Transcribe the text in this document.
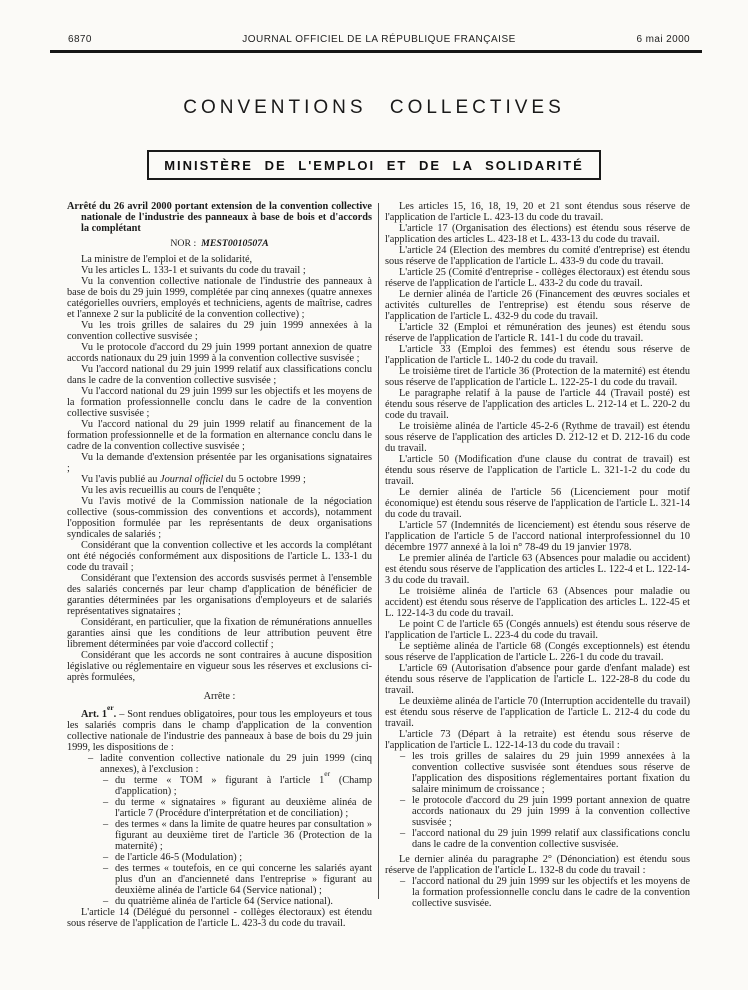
6870	JOURNAL OFFICIEL DE LA RÉPUBLIQUE FRANÇAISE	6 mai 2000
CONVENTIONS COLLECTIVES
MINISTÈRE DE L'EMPLOI ET DE LA SOLIDARITÉ

Arrêté du 26 avril 2000 portant extension de la convention collective nationale de l'industrie des panneaux à base de bois et d'accords la complétant

NOR : MEST0010507A

La ministre de l'emploi et de la solidarité,

Vu les articles L. 133-1 et suivants du code du travail ;

Vu la convention collective nationale de l'industrie des panneaux à base de bois du 29 juin 1999, complétée par cinq annexes (quatre annexes catégorielles ouvriers, employés et techniciens, agents de maîtrise, cadres et l'annexe 2 sur la publicité de la convention collective) ;

Vu les trois grilles de salaires du 29 juin 1999 annexées à la convention collective susvisée ;

Vu le protocole d'accord du 29 juin 1999 portant annexion de quatre accords nationaux du 29 juin 1999 à la convention collective susvisée ;

Vu l'accord national du 29 juin 1999 relatif aux classifications conclu dans le cadre de la convention collective susvisée ;

Vu l'accord national du 29 juin 1999 sur les objectifs et les moyens de la formation professionnelle conclu dans le cadre de la convention collective susvisée ;

Vu l'accord national du 29 juin 1999 relatif au financement de la formation professionnelle et de la formation en alternance conclu dans le cadre de la convention collective susvisée ;

Vu la demande d'extension présentée par les organisations signataires ;

Vu l'avis publié au Journal officiel du 5 octobre 1999 ;

Vu les avis recueillis au cours de l'enquête ;

Vu l'avis motivé de la Commission nationale de la négociation collective (sous-commission des conventions et accords), notamment l'opposition formulée par les représentants de deux organisations syndicales de salariés ;

Considérant que la convention collective et les accords la complétant ont été négociés conformément aux dispositions de l'article L. 133-1 du code du travail ;

Considérant que l'extension des accords susvisés permet à l'ensemble des salariés concernés par leur champ d'application de bénéficier de garanties déterminées par les organisations d'employeurs et de salariés représentatives signataires ;

Considérant, en particulier, que la fixation de rémunérations annuelles garanties ainsi que les conditions de leur attribution peuvent être librement déterminées par voie d'accord collectif ;

Considérant que les accords ne sont contraires à aucune disposition législative ou réglementaire en vigueur sous les réserves et exclusions ci-après formulées,

Arrête :

Art. 1er. – Sont rendues obligatoires, pour tous les employeurs et tous les salariés compris dans le champ d'application de la convention collective nationale de l'industrie des panneaux à base de bois du 29 juin 1999, les dispositions de :

– ladite convention collective nationale du 29 juin 1999 (cinq annexes), à l'exclusion :

– du terme « TOM » figurant à l'article 1er (Champ d'application) ;

– du terme « signataires » figurant au deuxième alinéa de l'article 7 (Procédure d'interprétation et de conciliation) ;

– des termes « dans la limite de quatre heures par consultation » figurant au deuxième tiret de l'article 36 (Protection de la maternité) ;

– de l'article 46-5 (Modulation) ;

– des termes « toutefois, en ce qui concerne les salariés ayant plus d'un an d'ancienneté dans l'entreprise » figurant au deuxième alinéa de l'article 64 (Service national) ;

– du quatrième alinéa de l'article 64 (Service national).

L'article 14 (Délégué du personnel - collèges électoraux) est étendu sous réserve de l'application de l'article L. 423-3 du code du travail.

Les articles 15, 16, 18, 19, 20 et 21 sont étendus sous réserve de l'application de l'article L. 423-13 du code du travail.

L'article 17 (Organisation des élections) est étendu sous réserve de l'application des articles L. 423-18 et L. 433-13 du code du travail.

L'article 24 (Election des membres du comité d'entreprise) est étendu sous réserve de l'application de l'article L. 433-9 du code du travail.

L'article 25 (Comité d'entreprise - collèges électoraux) est étendu sous réserve de l'application de l'article L. 433-2 du code du travail.

Le dernier alinéa de l'article 26 (Financement des œuvres sociales et activités culturelles de l'entreprise) est étendu sous réserve de l'application de l'article L. 432-9 du code du travail.

L'article 32 (Emploi et rémunération des jeunes) est étendu sous réserve de l'application de l'article R. 141-1 du code du travail.

L'article 33 (Emploi des femmes) est étendu sous réserve de l'application de l'article L. 140-2 du code du travail.

Le troisième tiret de l'article 36 (Protection de la maternité) est étendu sous réserve de l'application de l'article L. 122-25-1 du code du travail.

Le paragraphe relatif à la pause de l'article 44 (Travail posté) est étendu sous réserve de l'application des articles L. 212-14 et L. 220-2 du code du travail.

Le troisième alinéa de l'article 45-2-6 (Rythme de travail) est étendu sous réserve de l'application des articles D. 212-12 et D. 212-16 du code du travail.

L'article 50 (Modification d'une clause du contrat de travail) est étendu sous réserve de l'application de l'article L. 321-1-2 du code du travail.

Le dernier alinéa de l'article 56 (Licenciement pour motif économique) est étendu sous réserve de l'application de l'article L. 321-14 du code du travail.

L'article 57 (Indemnités de licenciement) est étendu sous réserve de l'application de l'article 5 de l'accord national interprofessionnel du 10 décembre 1977 annexé à la loi n° 78-49 du 19 janvier 1978.

Le premier alinéa de l'article 63 (Absences pour maladie ou accident) est étendu sous réserve de l'application des articles L. 122-4 et L. 122-14-3 du code du travail.

Le troisième alinéa de l'article 63 (Absences pour maladie ou accident) est étendu sous réserve de l'application des articles L. 122-45 et L. 122-14-3 du code du travail.

Le point C de l'article 65 (Congés annuels) est étendu sous réserve de l'application de l'article L. 223-4 du code du travail.

Le septième alinéa de l'article 68 (Congés exceptionnels) est étendu sous réserve de l'application de l'article L. 226-1 du code du travail.

L'article 69 (Autorisation d'absence pour garde d'enfant malade) est étendu sous réserve de l'application de l'article L. 122-28-8 du code du travail.

Le deuxième alinéa de l'article 70 (Interruption accidentelle du travail) est étendu sous réserve de l'application de l'article L. 212-4 du code du travail.

L'article 73 (Départ à la retraite) est étendu sous réserve de l'application de l'article L. 122-14-13 du code du travail :

– les trois grilles de salaires du 29 juin 1999 annexées à la convention collective susvisée sont étendues sous réserve de l'application des dispositions réglementaires portant fixation du salaire minimum de croissance ;

– le protocole d'accord du 29 juin 1999 portant annexion de quatre accords nationaux du 29 juin 1999 à la convention collective susvisée ;

– l'accord national du 29 juin 1999 relatif aux classifications conclu dans le cadre de la convention collective susvisée.

Le dernier alinéa du paragraphe 2° (Dénonciation) est étendu sous réserve de l'application de l'article L. 132-8 du code du travail :

– l'accord national du 29 juin 1999 sur les objectifs et les moyens de la formation professionnelle conclu dans le cadre de la convention collective susvisée.
